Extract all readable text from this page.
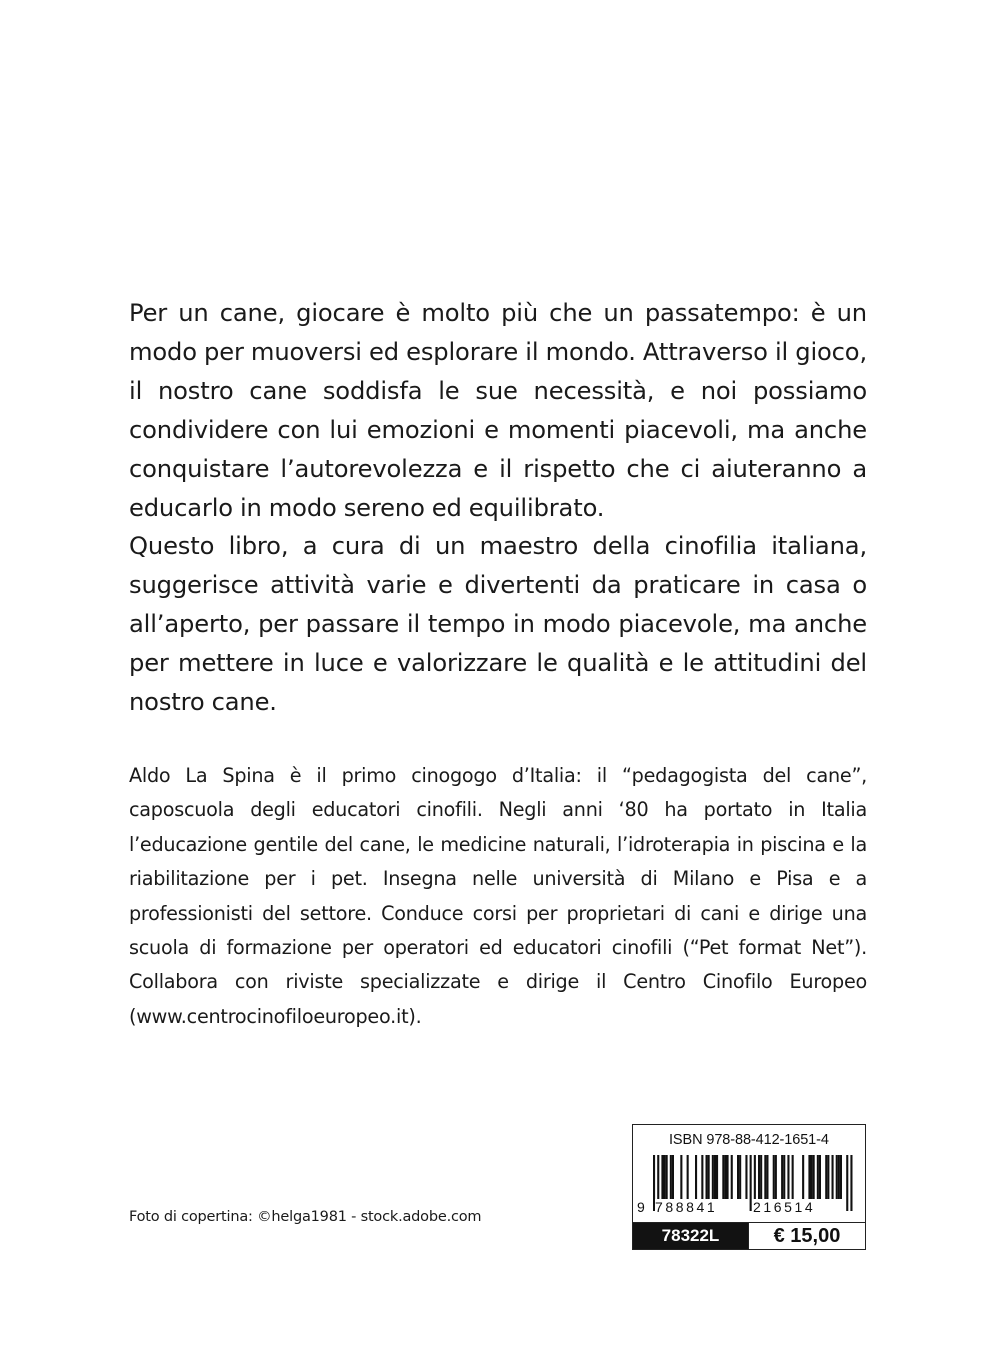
Per un cane, giocare è molto più che un passatempo: è un modo per muoversi ed esplorare il mondo. Attraverso il gioco, il nostro cane soddisfa le sue necessità, e noi possiamo condividere con lui emozioni e momenti piacevoli, ma anche conquistare l’autorevolezza e il rispetto che ci aiuteranno a educarlo in modo sereno ed equilibrato.

Questo libro, a cura di un maestro della cinofilia italiana, suggerisce attività varie e divertenti da praticare in casa o all’aperto, per passare il tempo in modo piacevole, ma anche per mettere in luce e valorizzare le qualità e le attitudini del nostro cane.

Aldo La Spina è il primo cinogogo d’Italia: il “pedagogista del cane”, caposcuola degli educatori cinofili. Negli anni ‘80 ha portato in Italia l’educazione gentile del cane, le medicine naturali, l’idroterapia in piscina e la riabilitazione per i pet. Insegna nelle università di Milano e Pisa e a professionisti del settore. Conduce corsi per proprietari di cani e dirige una scuola di formazione per operatori ed educatori cinofili (“Pet format Net”). Collabora con riviste specializzate e dirige il Centro Cinofilo Europeo (www.centrocinofiloeuropeo.it).

Foto di copertina: ©helga1981 - stock.adobe.com
ISBN 978-88-412-1651-4
9 788841	216514
78322L	€ 15,00
